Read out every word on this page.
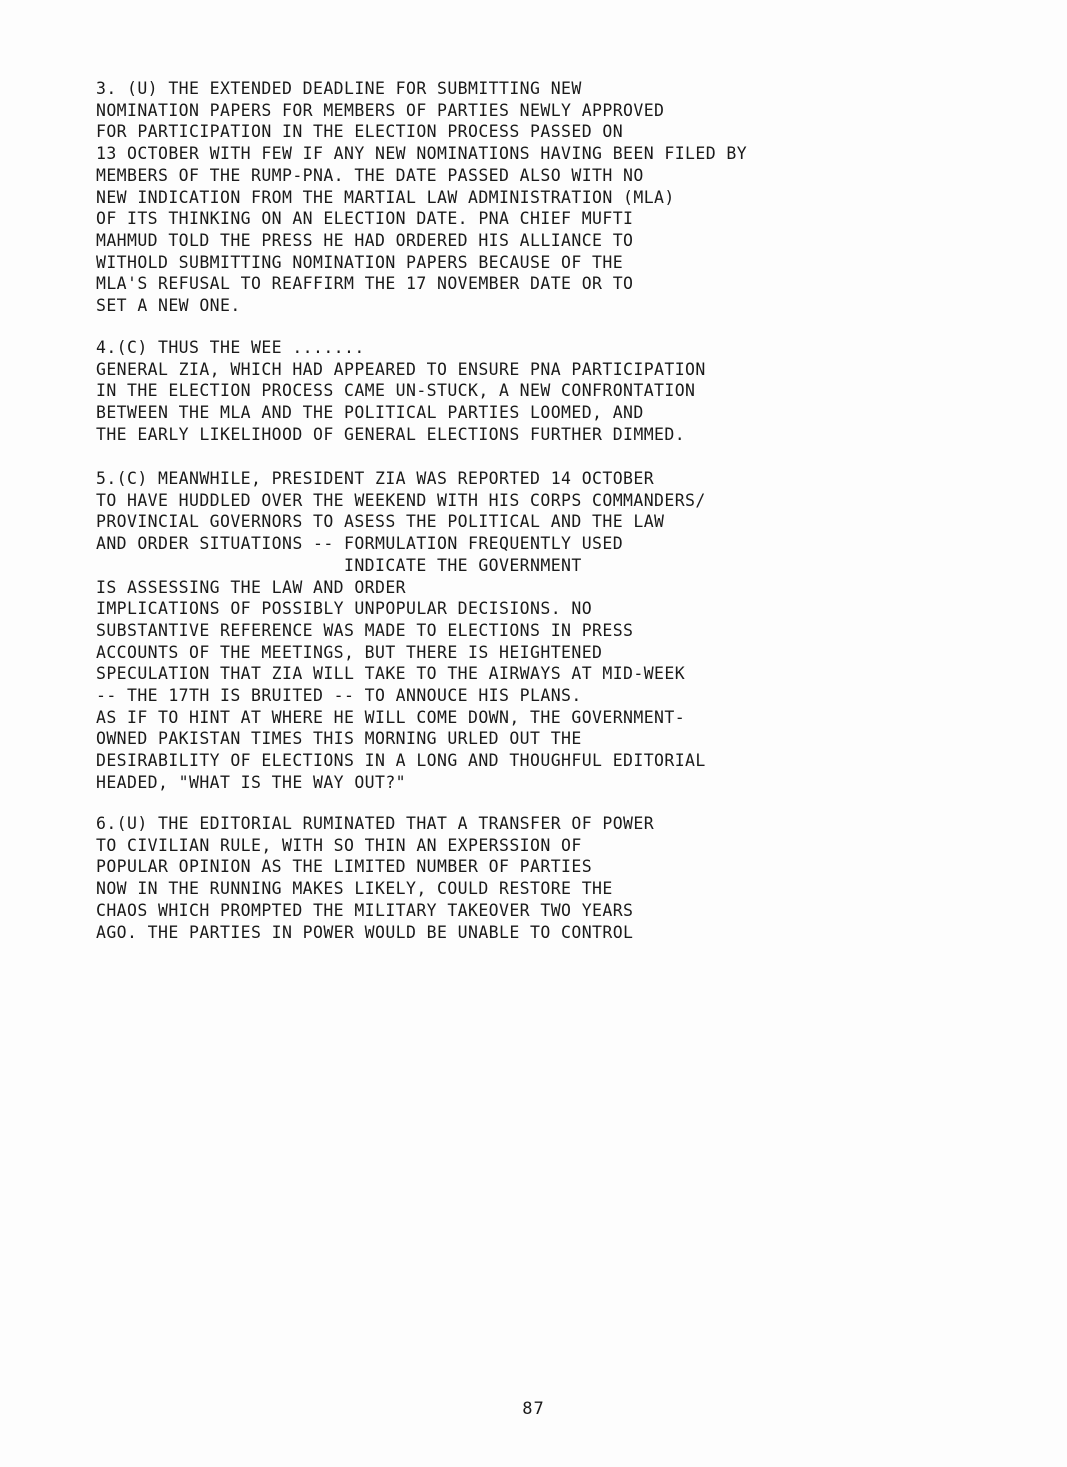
3. (U) THE EXTENDED DEADLINE FOR SUBMITTING NEW
NOMINATION PAPERS FOR MEMBERS OF PARTIES NEWLY APPROVED
FOR PARTICIPATION IN THE ELECTION PROCESS PASSED ON
13 OCTOBER WITH FEW IF ANY NEW NOMINATIONS HAVING BEEN FILED BY
MEMBERS OF THE RUMP-PNA. THE DATE PASSED ALSO WITH NO
NEW INDICATION FROM THE MARTIAL LAW ADMINISTRATION (MLA)
OF ITS THINKING ON AN ELECTION DATE. PNA CHIEF MUFTI
MAHMUD TOLD THE PRESS HE HAD ORDERED HIS ALLIANCE TO
WITHOLD SUBMITTING NOMINATION PAPERS BECAUSE OF THE
MLA'S REFUSAL TO REAFFIRM THE 17 NOVEMBER DATE OR TO
SET A NEW ONE.

4.(C) THUS THE WEE .......
GENERAL ZIA, WHICH HAD APPEARED TO ENSURE PNA PARTICIPATION
IN THE ELECTION PROCESS CAME UN-STUCK, A NEW CONFRONTATION
BETWEEN THE MLA AND THE POLITICAL PARTIES LOOMED, AND
THE EARLY LIKELIHOOD OF GENERAL ELECTIONS FURTHER DIMMED.

5.(C) MEANWHILE, PRESIDENT ZIA WAS REPORTED 14 OCTOBER
TO HAVE HUDDLED OVER THE WEEKEND WITH HIS CORPS COMMANDERS/
PROVINCIAL GOVERNORS TO ASESS THE POLITICAL AND THE LAW
AND ORDER SITUATIONS -- FORMULATION FREQUENTLY USED
INDICATE THE GOVERNMENT
IS ASSESSING THE LAW AND ORDER
IMPLICATIONS OF POSSIBLY UNPOPULAR DECISIONS. NO
SUBSTANTIVE REFERENCE WAS MADE TO ELECTIONS IN PRESS
ACCOUNTS OF THE MEETINGS, BUT THERE IS HEIGHTENED
SPECULATION THAT ZIA WILL TAKE TO THE AIRWAYS AT MID-WEEK
-- THE 17TH IS BRUITED -- TO ANNOUCE HIS PLANS.
AS IF TO HINT AT WHERE HE WILL COME DOWN, THE GOVERNMENT-
OWNED PAKISTAN TIMES THIS MORNING URLED OUT THE
DESIRABILITY OF ELECTIONS IN A LONG AND THOUGHFUL EDITORIAL
HEADED, "WHAT IS THE WAY OUT?"

6.(U) THE EDITORIAL RUMINATED THAT A TRANSFER OF POWER
TO CIVILIAN RULE, WITH SO THIN AN EXPERSSION OF
POPULAR OPINION AS THE LIMITED NUMBER OF PARTIES
NOW IN THE RUNNING MAKES LIKELY, COULD RESTORE THE
CHAOS WHICH PROMPTED THE MILITARY TAKEOVER TWO YEARS
AGO. THE PARTIES IN POWER WOULD BE UNABLE TO CONTROL

87
